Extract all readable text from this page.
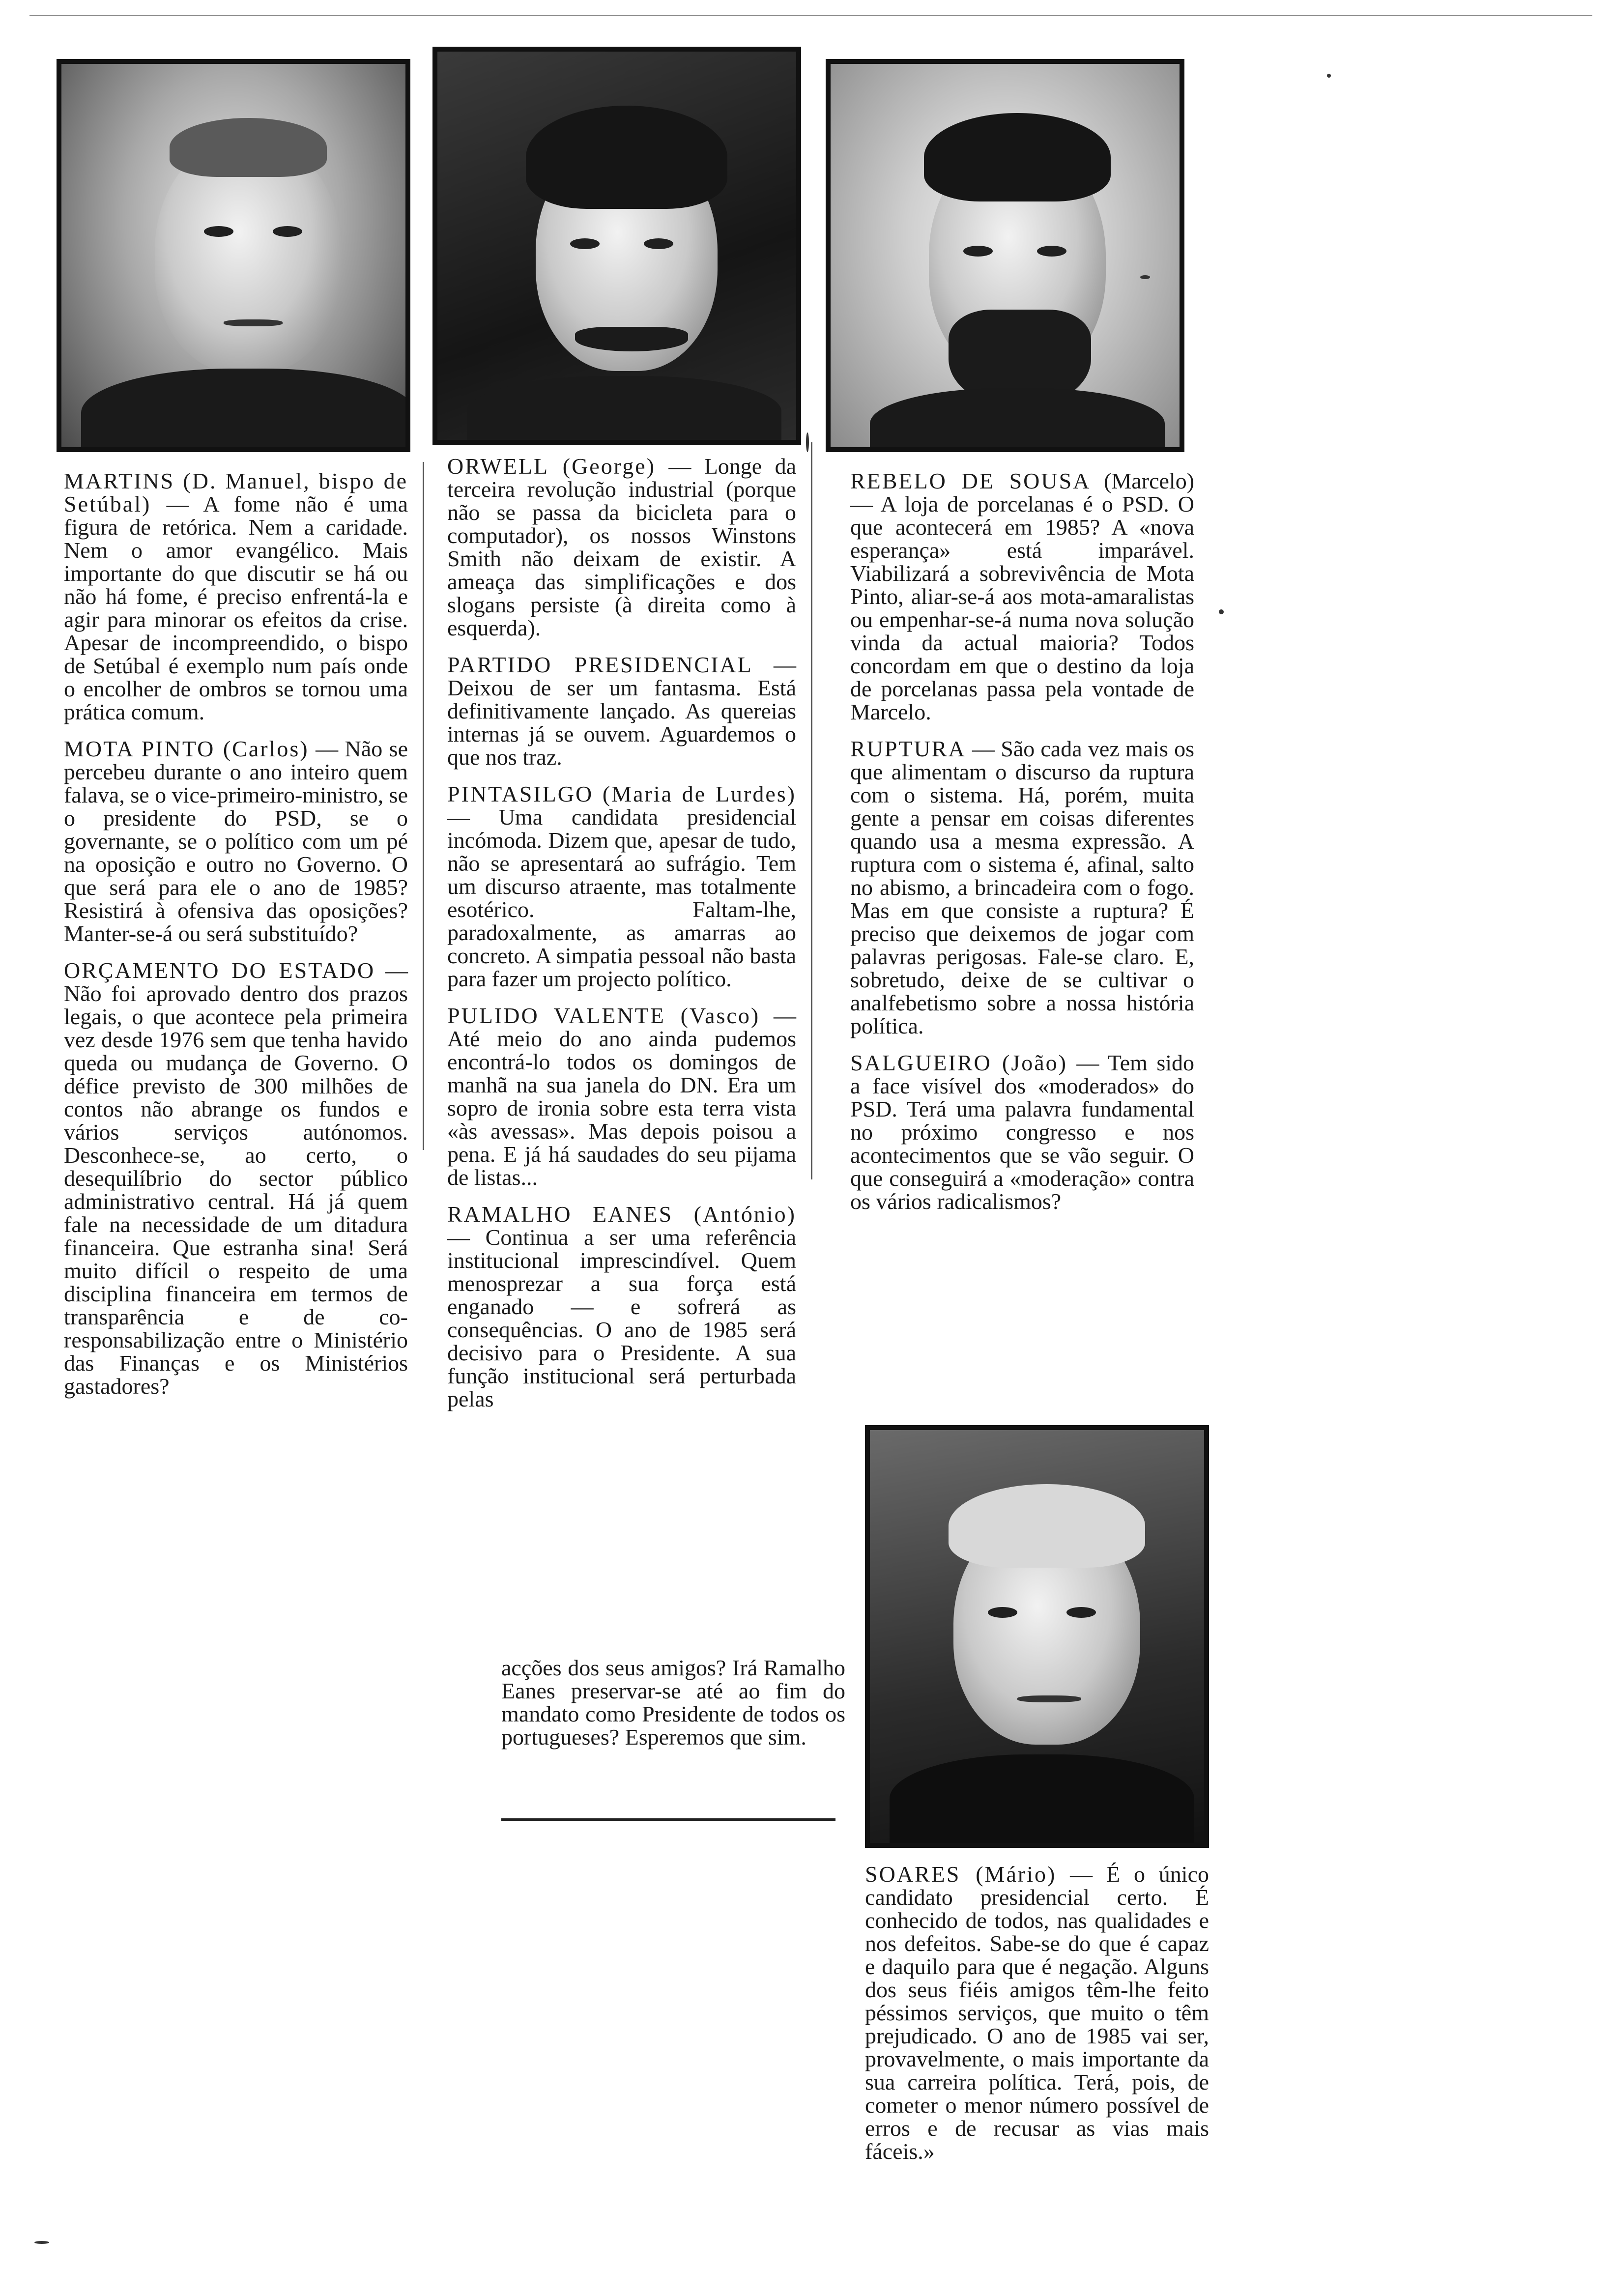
MARTINS (D. Manuel, bispo de Setúbal) — A fome não é uma figura de retórica. Nem a caridade. Nem o amor evangélico. Mais importante do que discutir se há ou não há fome, é preciso enfrentá-la e agir para minorar os efeitos da crise. Apesar de incompreendido, o bispo de Setúbal é exemplo num país onde o encolher de ombros se tornou uma prática comum.

MOTA PINTO (Carlos) — Não se percebeu durante o ano inteiro quem falava, se o vice-primeiro-ministro, se o presidente do PSD, se o governante, se o político com um pé na oposição e outro no Governo. O que será para ele o ano de 1985? Resistirá à ofensiva das oposições? Manter-se-á ou será substituído?

ORÇAMENTO DO ESTADO — Não foi aprovado dentro dos prazos legais, o que acontece pela primeira vez desde 1976 sem que tenha havido queda ou mudança de Governo. O défice previsto de 300 milhões de contos não abrange os fundos e vários serviços autónomos. Desconhece-se, ao certo, o desequilíbrio do sector público administrativo central. Há já quem fale na necessidade de um ditadura financeira. Que estranha sina! Será muito difícil o respeito de uma disciplina financeira em termos de transparência e de co-responsabilização entre o Ministério das Finanças e os Ministérios gastadores?

ORWELL (George) — Longe da terceira revolução industrial (porque não se passa da bicicleta para o computador), os nossos Winstons Smith não deixam de existir. A ameaça das simplificações e dos slogans persiste (à direita como à esquerda).

PARTIDO PRESIDENCIAL — Deixou de ser um fantasma. Está definitivamente lançado. As quereias internas já se ouvem. Aguardemos o que nos traz.

PINTASILGO (Maria de Lurdes) — Uma candidata presidencial incómoda. Dizem que, apesar de tudo, não se apresentará ao sufrágio. Tem um discurso atraente, mas totalmente esotérico. Faltam-lhe, paradoxalmente, as amarras ao concreto. A simpatia pessoal não basta para fazer um projecto político.

PULIDO VALENTE (Vasco) — Até meio do ano ainda pudemos encontrá-lo todos os domingos de manhã na sua janela do DN. Era um sopro de ironia sobre esta terra vista «às avessas». Mas depois poisou a pena. E já há saudades do seu pijama de listas...

RAMALHO EANES (António) — Continua a ser uma referência institucional imprescindível. Quem menosprezar a sua força está enganado — e sofrerá as consequências. O ano de 1985 será decisivo para o Presidente. A sua função institucional será perturbada pelas

acções dos seus amigos? Irá Ramalho Eanes preservar-se até ao fim do mandato como Presidente de todos os portugueses? Esperemos que sim.

REBELO DE SOUSA (Marcelo) — A loja de porcelanas é o PSD. O que acontecerá em 1985? A «nova esperança» está imparável. Viabilizará a sobrevivência de Mota Pinto, aliar-se-á aos mota-amaralistas ou empenhar-se-á numa nova solução vinda da actual maioria? Todos concordam em que o destino da loja de porcelanas passa pela vontade de Marcelo.

RUPTURA — São cada vez mais os que alimentam o discurso da ruptura com o sistema. Há, porém, muita gente a pensar em coisas diferentes quando usa a mesma expressão. A ruptura com o sistema é, afinal, salto no abismo, a brincadeira com o fogo. Mas em que consiste a ruptura? É preciso que deixemos de jogar com palavras perigosas. Fale-se claro. E, sobretudo, deixe de se cultivar o analfebetismo sobre a nossa história política.

SALGUEIRO (João) — Tem sido a face visível dos «moderados» do PSD. Terá uma palavra fundamental no próximo congresso e nos acontecimentos que se vão seguir. O que conseguirá a «moderação» contra os vários radicalismos?

SOARES (Mário) — É o único candidato presidencial certo. É conhecido de todos, nas qualidades e nos defeitos. Sabe-se do que é capaz e daquilo para que é negação. Alguns dos seus fiéis amigos têm-lhe feito péssimos serviços, que muito o têm prejudicado. O ano de 1985 vai ser, provavelmente, o mais importante da sua carreira política. Terá, pois, de cometer o menor número possível de erros e de recusar as vias mais fáceis.»
